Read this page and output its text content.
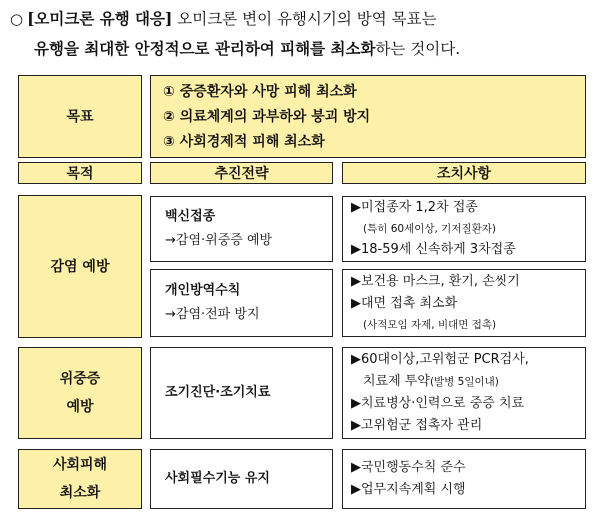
○ [오미크론 유행 대응] 오미크론 변이 유행시기의 방역 목표는
유행을 최대한 안정적으로 관리하여 피해를 최소화하는 것이다.
목표
① 중증환자와 사망 피해 최소화
② 의료체계의 과부하와 붕괴 방지
③ 사회경제적 피해 최소화
목적	추진전략	조치사항
감염 예방
백신접종
→감염·위중증 예방
▶미접종자 1,2차 접종
(특히 60세이상, 기저질환자)
▶18-59세 신속하게 3차접종
개인방역수칙
→감염·전파 방지
▶보건용 마스크, 환기, 손씻기
▶대면 접촉 최소화
(사적모임 자제, 비대면 접촉)
위중증
예방
조기진단·조기치료
▶60대이상,고위험군 PCR검사,
치료제 투약(발병 5일이내)
▶치료병상·인력으로 중증 치료
▶고위험군 접촉자 관리
사회피해
최소화
사회필수기능 유지
▶국민행동수칙 준수
▶업무지속계획 시행
